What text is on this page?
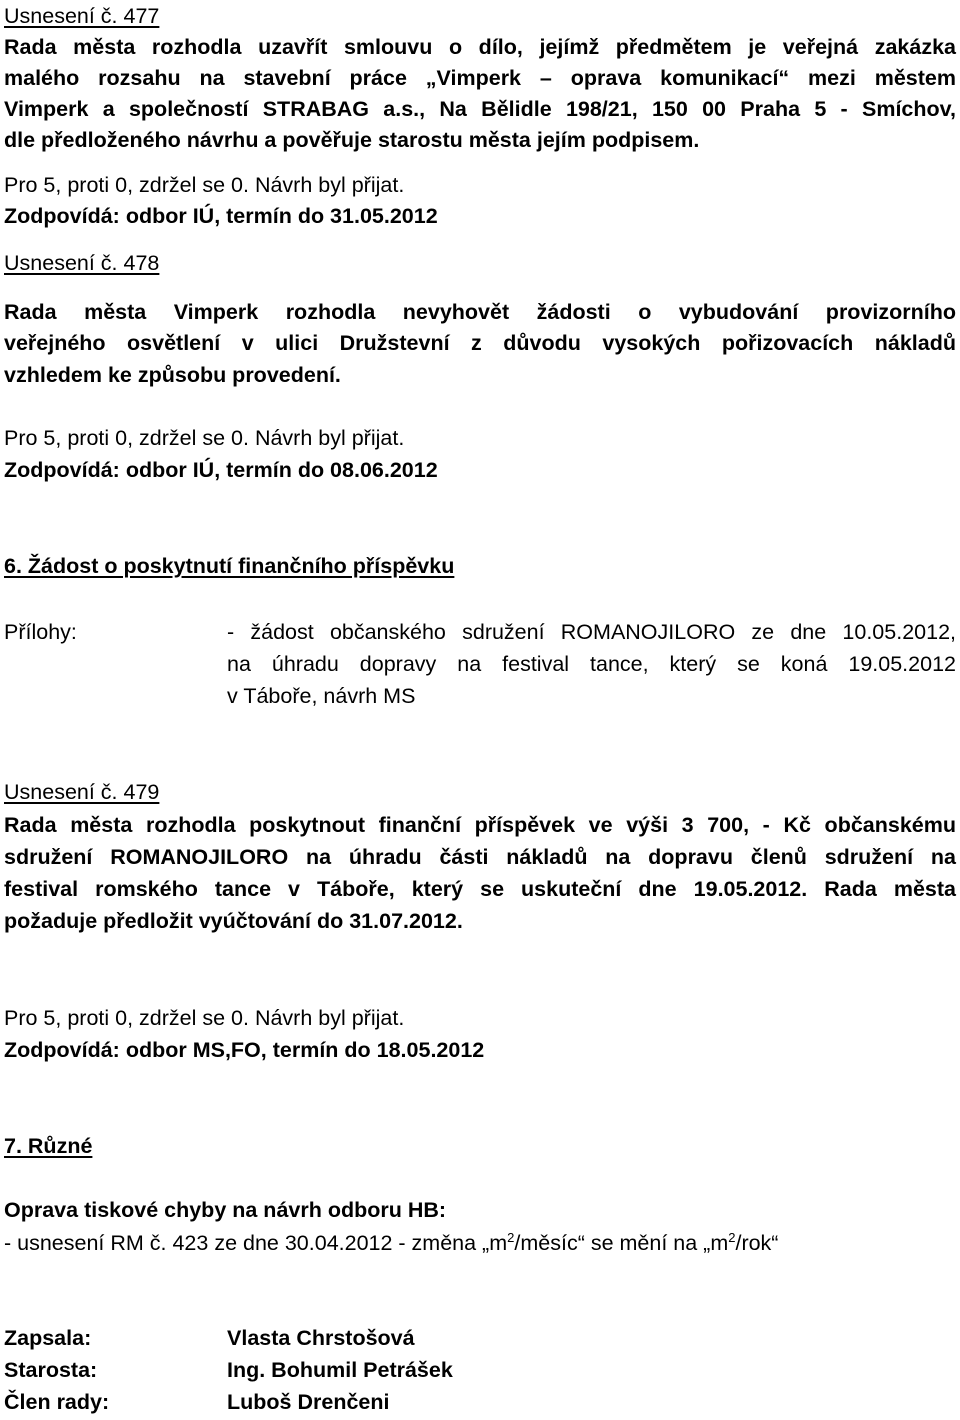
Usnesení č. 477
Rada města rozhodla uzavřít smlouvu o dílo, jejímž předmětem je veřejná zakázka
malého rozsahu na stavební práce „Vimperk – oprava komunikací“ mezi městem
Vimperk a společností STRABAG a.s., Na Bělidle 198/21, 150 00 Praha 5 - Smíchov,
dle předloženého návrhu a pověřuje starostu města jejím podpisem.
Pro 5, proti 0, zdržel se 0. Návrh byl přijat.
Zodpovídá: odbor IÚ, termín do 31.05.2012
Usnesení č. 478
Rada města Vimperk rozhodla nevyhovět žádosti o vybudování provizorního
veřejného osvětlení v ulici Družstevní z důvodu vysokých pořizovacích nákladů
vzhledem ke způsobu provedení.
Pro 5, proti 0, zdržel se 0. Návrh byl přijat.
Zodpovídá: odbor IÚ, termín do 08.06.2012
6. Žádost o poskytnutí finančního příspěvku
Přílohy:	- žádost občanského sdružení ROMANOJILORO ze dne 10.05.2012,
na úhradu dopravy na festival tance, který se koná 19.05.2012
v Táboře, návrh MS
Usnesení č. 479
Rada města rozhodla poskytnout finanční příspěvek ve výši 3 700, - Kč občanskému
sdružení ROMANOJILORO na úhradu části nákladů na dopravu členů sdružení na
festival romského tance v Táboře, který se uskuteční dne 19.05.2012. Rada města
požaduje předložit vyúčtování do 31.07.2012.
Pro 5, proti 0, zdržel se 0. Návrh byl přijat.
Zodpovídá: odbor MS,FO, termín do 18.05.2012
7. Různé
Oprava tiskové chyby na návrh odboru HB:
- usnesení RM č. 423 ze dne 30.04.2012 - změna $„m^2/měsíc“$ se mění na $„m^2/rok“$
Zapsala:	Vlasta Chrstošová
Starosta:	Ing. Bohumil Petrášek
Člen rady:	Luboš Drenčeni
